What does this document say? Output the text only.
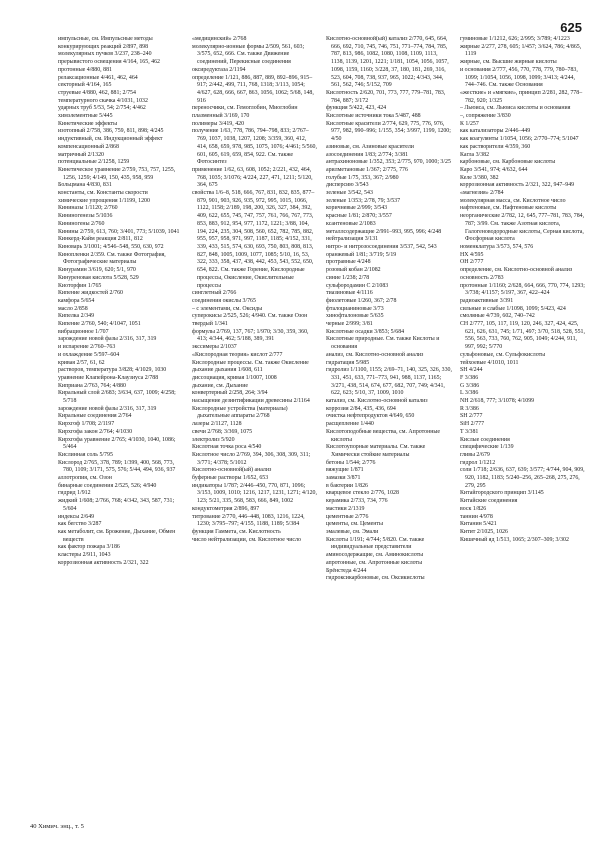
625

импульсные, см. Импульсные методы

конкурирующих реакций 2/897, 898

молекулярных пучков 3/237, 238–240

прерывистого освещения 4/164, 165, 462

протонные 4/880, 881

релаксационные 4/461, 462, 464

секторный 4/164, 165

струевые 4/880, 462, 881; 2/754

температурного скачка 4/1031, 1032

ударных труб 5/53, 54; 2/754; 4/462

химэлементные 5/445

Кинетические эффекты

изотопный 2/758, 386, 759, 811, 898; 4/245

индуктивный, см. Индукционный эффект

компенсационный 2/868

матричный 2/1320

потенциальные 2/1258, 1259

Кинетическое уравнение 2/759, 753, 757, 1255, 1256, 1259; 4/149, 150, 435, 958, 959

Больцмана 4/830, 831

константы, см. Константы скорости

химические упрощения 1/1199, 1200

Кининазы 1/1120; 2/760

Кининогенезы 5/1036

Кининогены 2/760

Кинины 2/759, 613, 760; 3/401, 773; 5/1039, 1041

Кинкерд-Кайм реакция 2/811, 812

Киноварь 3/1001; 4/546–548, 550, 630, 972

Кинопленки 2/359. См. также Фотография, Фотографические материалы

Кинурамин 3/619, 620; 5/1, 970

Кинуреновая кислота 5/528, 529

Киоторфин 1/765

Кипение жидкостей 2/760

камфора 5/654

масло 2/858

Кипелка 2/349

Кипение 2/760, 540; 4/1047, 1051

вибрационное 1/707

зарождение новой фазы 2/316, 317, 319

и испарение 2/760–763

и охлаждение 5/597–604

кривая 2/57, 61, 62

растворов, температура 3/828; 4/1029, 1030

уравнение Клапейрона-Клаузиуса 2/788

Киприана 2/763, 764; 4/880

Киральный слой 2/683; 3/634, 637, 1009; 4/258; 5/718

зарождение новой фазы 2/316, 317, 319

Киральные соединения 2/764

Кирхгоф 1/708; 2/1197

Кирхгофа закон 2/764; 4/1030

Кирхгофа уравнение 2/765; 4/1030, 1040, 1086; 5/464

Кислинная соль 5/795

Кислород 2/765, 378, 789; 1/399, 400, 568, 773, 780, 1109; 3/171, 575, 576; 5/44, 494, 936, 937

аллотропия, см. Озон

бинарные соединения 2/525, 526; 4/940

гидрид 1/912

жидкий 1/608; 2/766, 768; 4/342, 343, 587, 731; 5/604

индексы 2/649

как бегство 3/287

как метаболит, см. Брожение, Дыхание, Обмен веществ

как фактор пожара 3/186

кластеры 2/911, 1043

коррозионная активность 2/321, 322

«медицинский» 2/768

молекулярно-ионные формы 2/509, 561, 603; 3/575, 652, 666. См. также Движение соединений, Перекисные соединения

оксиредуктаза 2/1194

определение 1/121, 886, 887, 889, 892–896, 915–917; 2/442, 499, 711, 768, 1318; 3/113, 1054; 4/627, 628, 666, 667, 863, 1056, 1062; 5/68, 148, 916

переносчики, см. Гемоглобин, Миоглобин

плазменный 3/169, 170

полимеры 3/419, 420

получение 1/63, 778, 786, 794–798, 833; 2/767–769, 1037, 1038, 1207, 1208; 3/359, 360, 412, 414, 658, 659, 978, 985, 1075, 1076; 4/461; 5/560, 601, 605, 619, 659, 854, 922. См. также Фотосинтез

применение 1/62, 63, 608, 1052; 2/221, 432, 464, 768, 1035; 3/1076; 4/224, 227, 471, 1211; 5/120, 364, 675

свойства 1/6–8, 518, 666, 767, 831, 832, 835, 877–879, 901, 903, 926, 935, 972, 995, 1015, 1066, 1122, 1158; 2/189, 198, 200, 326, 327, 384, 392, 409, 622, 655, 745, 747, 757, 761, 766, 767, 773, 853, 883, 912, 954, 977, 1172, 1221; 3/88, 104, 194, 224, 235, 304, 508, 560, 652, 782, 785, 882, 955, 957, 958, 971, 997, 1187, 1185; 4/152, 331, 339, 433, 515, 574, 630, 693, 750, 803, 808, 813, 827, 848, 1005, 1009, 1077, 1085; 5/10, 16, 53, 322, 333, 358, 437, 438, 442, 453, 543, 552, 650, 654, 822. См. также Горение, Кислородные процессы, Окисление, Окислительные процессы

синглетный 2/766

соединения окислы 3/765

– с элементами, см. Оксиды

суперокисы 2/525, 526; 4/940. См. также Озон

твердый 1/341

формулы 2/769, 137, 767; 1/970; 3/30, 359, 360, 413; 4/344, 462; 5/188, 389, 391

экссимеры 2/1037

«Кислородная теория» кислот 2/777

Кислородные процессы. См. также Окисление

дыхание дыхания 1/608, 611

диссоциация, кривая 1/1007, 1008

дыхание, см. Дыхание

конвертерный 2/258, 264; 3/94

насыщение дезинтификации древесины 2/1164

Кислородные устройства (материалы) дыхательные аппараты 2/768

лазеры 2/1127, 1128

свечи 2/768; 3/369, 1075

электролиз 5/920

Кислотная точка роса 4/540

Кислотное число 2/769, 394, 306, 308, 309, 311; 3/771; 4/378; 5/1012

Кислотно-основной(ый) анализ

буферные растворы 1/652, 653

индикаторы 1/787; 2/446–450, 770, 871, 1096; 3/153, 1009, 1010; 1216, 1217, 1231, 1271; 4/120, 123; 5/21, 335, 568, 583, 666, 849, 1002

кондуктометрия 2/896, 897

титрование 2/770, 446–448, 1083, 1216, 1224, 1230; 3/795–797; 4/155, 1188, 1189; 5/384

функция Гаммета, см. Кислотность

число нейтрализации, см. Кислотное число

Кислотно-основной(ый) катализ 2/770, 645, 664, 666, 692, 710, 745, 746, 751, 771–774, 784, 785, 787, 813, 986, 1082, 1080, 1108, 1109, 1113, 1138, 1139, 1201, 1221; 1/181, 1054, 1056, 1057, 1098, 1159, 1160; 3/228, 37, 180, 181, 269, 316, 523, 604, 708, 738, 937, 965, 1022; 4/343, 344, 561, 562, 746; 5/152, 709

Кислотность 2/620, 701, 773, 777, 779–781, 783, 784, 887; 3/172

функция 5/422, 423, 424

Кислотные источники тока 5/487, 488

Кислотные красители 2/774, 629, 775, 776, 976, 977, 982, 990–996; 1/155, 354; 3/997, 1199, 1200; 4/50

азиновые, см. Азиновые красители

азосоединения 1/83; 2/774; 3/381

антрахиноновые 1/352, 353; 2/775, 970, 1000; 3/25

арилметановые 1/367; 2/775, 776

голубые 1/75, 353, 367; 2/980

дисперсию 3/543

зеленые 3/542, 543

зеленые 1/353; 2/78, 79; 3/537

коричневые 2/999; 3/543

красные 1/81; 2/870; 3/557

ксантеновые 2/1083

металлсодержащие 2/991–993, 995, 996; 4/248

нейтрализация 3/131

нитро- и нитрозосоединения 3/537, 542, 543

оранжевый 1/81; 3/719; 5/19

протравные 4/248

розовый кобан 2/1082

синие 1/238; 2/78

сульфородамин С 2/1083

тиазиновые 4/1116

фиолетовые 1/260, 367; 2/78

фталоцианиновые 3/73

хинофталоновые 5/635

черные 2/999; 3/81

Кислотные осадки 3/853; 5/684

Кислотные природные. См. также Кислоты и основания

анализ, см. Кислотно-основной анализ

гидратация 5/985

гидролиз 1/1100, 1155; 2/69–71, 140, 325, 326, 330, 331, 451, 633, 771–773, 941, 988, 1137, 1165; 3/271, 438, 514, 674, 677, 682, 707, 749; 4/341, 622, 623; 5/10, 37, 1009, 1010

катализ, см. Кислотно-основной катализ

коррозия 2/84, 435, 436, 694

очистка нефтепродуктов 4/649, 650

расщепление 1/440

Кислотоподобные вещества, см. Апротонные кислоты

Кислотоупорные материалы. См. также Химически стойкие материалы

бетоны 1/544; 2/776

вяжущие 1/871

замазки 3/871

в бактерии 1/826

кварцевое стекло 2/776, 1028

керамика 2/733, 734, 776

мастики 2/1319

цементные 2/776

цементы, см. Цементы

эмалевые, см. Эмали

Кислоты 1/191; 4/744; 5/820. См. также индивидуальные представители

аминосодержащие, см. Аминокислоты

апротонные, см. Апротонные кислоты

Брёнстеда 4/244

гидроксикарбоновые, см. Оксикислоты

гуминовые 1/1212, 626; 2/995; 3/789; 4/1223

жирные 2/277, 278, 605; 1/457; 3/624, 786; 4/865, 1119

жирные, см. Высшие жирные кислоты

и основания 2/777, 456, 770, 778, 779, 780–783, 1099; 1/1054, 1056, 1098, 1099; 3/413; 4/244, 744–746. См. также Основания

«жесткие» и «мягкие», принцип 2/281, 282, 778–782, 920; 1/325

– Льюиса, см. Льюиса кислоты и основания

–, сопряжение 3/830

К 1/257

как катализаторы 2/446–449

как коагулянты 1/1054, 1056; 2/770–774; 5/1047

как растворители 4/359, 360

Кагла 3/382

карбоновые, см. Карбоновые кислоты

Каро 3/541, 974; 4/632, 644

Келе 3/380, 382

коррозионная активность 2/321, 322, 947–949

«магнезия» 2/784

молекулярная масса, см. Кислотное число

нафтеновые, см. Нафтеновые кислоты

неорганические 2/782, 12, 645, 777–781, 783, 784, 787; 3/99. См. также Азотная кислота, Галогеноводородные кислоты, Серная кислота, Фосфорная кислота

номенклатура 3/573, 574, 576

НХ 4/595

ОН 2/777

определение, см. Кислотно-основной анализ

основность 2/783

протонные 1/1160; 2/628, 664, 666, 770, 774, 1293; 3/738; 4/1157; 5/197, 367, 422–424

радиоактивные 3/391

сильные и слабые 1/1098, 1099; 5/423, 424

смоляные 4/739, 602, 740–742

СН 2/777, 105, 117, 119, 120, 246, 327, 424, 425, 621, 626, 631, 745; 1/71, 497; 3/70, 518, 528, 551, 556, 563, 733, 760, 762, 905, 1049; 4/244, 911, 997, 992; 5/770

сульфоновые, см. Сульфокислоты

тейхоевые 4/1010, 1011

SH 4/244

F 3/386

G 3/386

L 3/386

NH 2/618, 777; 3/1078; 4/1099

R 3/386

SH 2/777

SiH 2/777

T 3/381

Кислые соединения

специфические 1/139

гливы 2/679

гидрол 1/1212

соли 1/718; 2/636, 637, 639; 3/577; 4/744, 904, 909, 920, 1182, 1183; 5/240–256, 265–268, 275, 276, 279, 295

Китайгородского принцип 3/1145

Китайские соединения

воск 1/826

таннин 4/978

Китанин 5/421

Китит 2/1025, 1026

Кишечный яд 1/513, 1065; 2/307–309; 3/302

40 Химич. энц., т. 5
